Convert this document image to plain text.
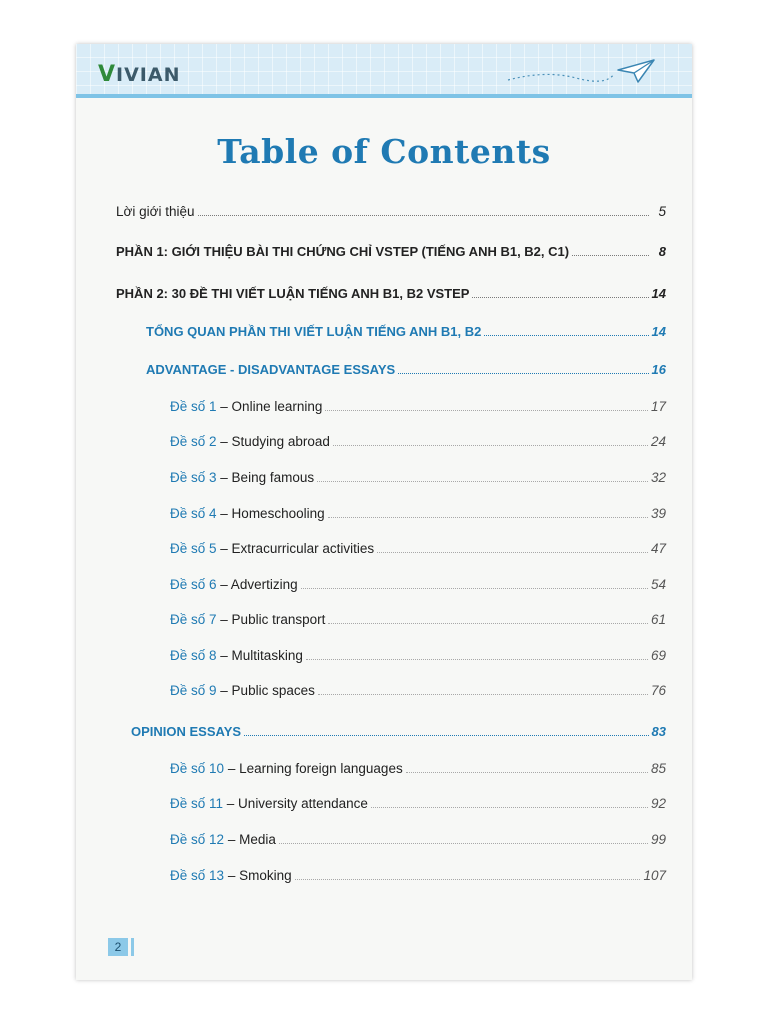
VIVIAN
Table of Contents
Lời giới thiệu	5
PHẦN 1: GIỚI THIỆU BÀI THI CHỨNG CHỈ VSTEP (TIẾNG ANH B1, B2, C1)	8
PHẦN 2: 30 ĐỀ THI VIẾT LUẬN TIẾNG ANH B1, B2 VSTEP	14
TỔNG QUAN PHẦN THI VIẾT LUẬN TIẾNG ANH B1, B2	14
ADVANTAGE - DISADVANTAGE ESSAYS	16
Đề số 1 – Online learning	17
Đề số 2 – Studying abroad	24
Đề số 3 – Being famous	32
Đề số 4 – Homeschooling	39
Đề số 5 – Extracurricular activities	47
Đề số 6 – Advertizing	54
Đề số 7 – Public transport	61
Đề số 8 – Multitasking	69
Đề số 9 – Public spaces	76
OPINION ESSAYS	83
Đề số 10 – Learning foreign languages	85
Đề số 11 – University attendance	92
Đề số 12 – Media	99
Đề số 13 – Smoking	107
2
